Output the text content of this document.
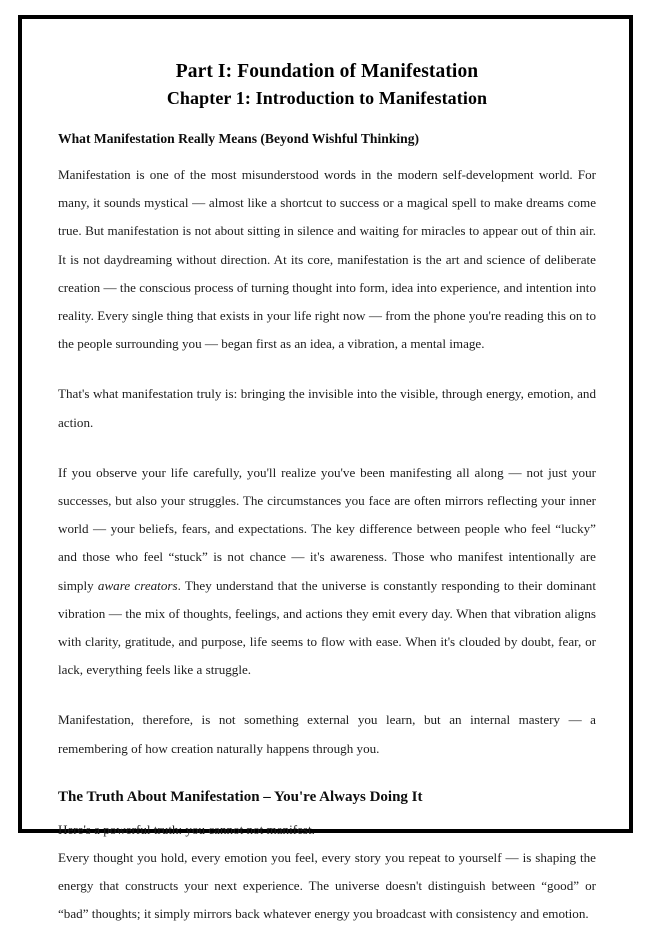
Part I: Foundation of Manifestation
Chapter 1: Introduction to Manifestation
What Manifestation Really Means (Beyond Wishful Thinking)

Manifestation is one of the most misunderstood words in the modern self-development world. For many, it sounds mystical — almost like a shortcut to success or a magical spell to make dreams come true. But manifestation is not about sitting in silence and waiting for miracles to appear out of thin air. It is not daydreaming without direction. At its core, manifestation is the art and science of deliberate creation — the conscious process of turning thought into form, idea into experience, and intention into reality. Every single thing that exists in your life right now — from the phone you're reading this on to the people surrounding you — began first as an idea, a vibration, a mental image.

That's what manifestation truly is: bringing the invisible into the visible, through energy, emotion, and action.

If you observe your life carefully, you'll realize you've been manifesting all along — not just your successes, but also your struggles. The circumstances you face are often mirrors reflecting your inner world — your beliefs, fears, and expectations. The key difference between people who feel “lucky” and those who feel “stuck” is not chance — it's awareness. Those who manifest intentionally are simply aware creators. They understand that the universe is constantly responding to their dominant vibration — the mix of thoughts, feelings, and actions they emit every day. When that vibration aligns with clarity, gratitude, and purpose, life seems to flow with ease. When it's clouded by doubt, fear, or lack, everything feels like a struggle.

Manifestation, therefore, is not something external you learn, but an internal mastery — a remembering of how creation naturally happens through you.

The Truth About Manifestation – You're Always Doing It

Here's a powerful truth: you cannot not manifest.

Every thought you hold, every emotion you feel, every story you repeat to yourself — is shaping the energy that constructs your next experience. The universe doesn't distinguish between “good” or “bad” thoughts; it simply mirrors back whatever energy you broadcast with consistency and emotion.
